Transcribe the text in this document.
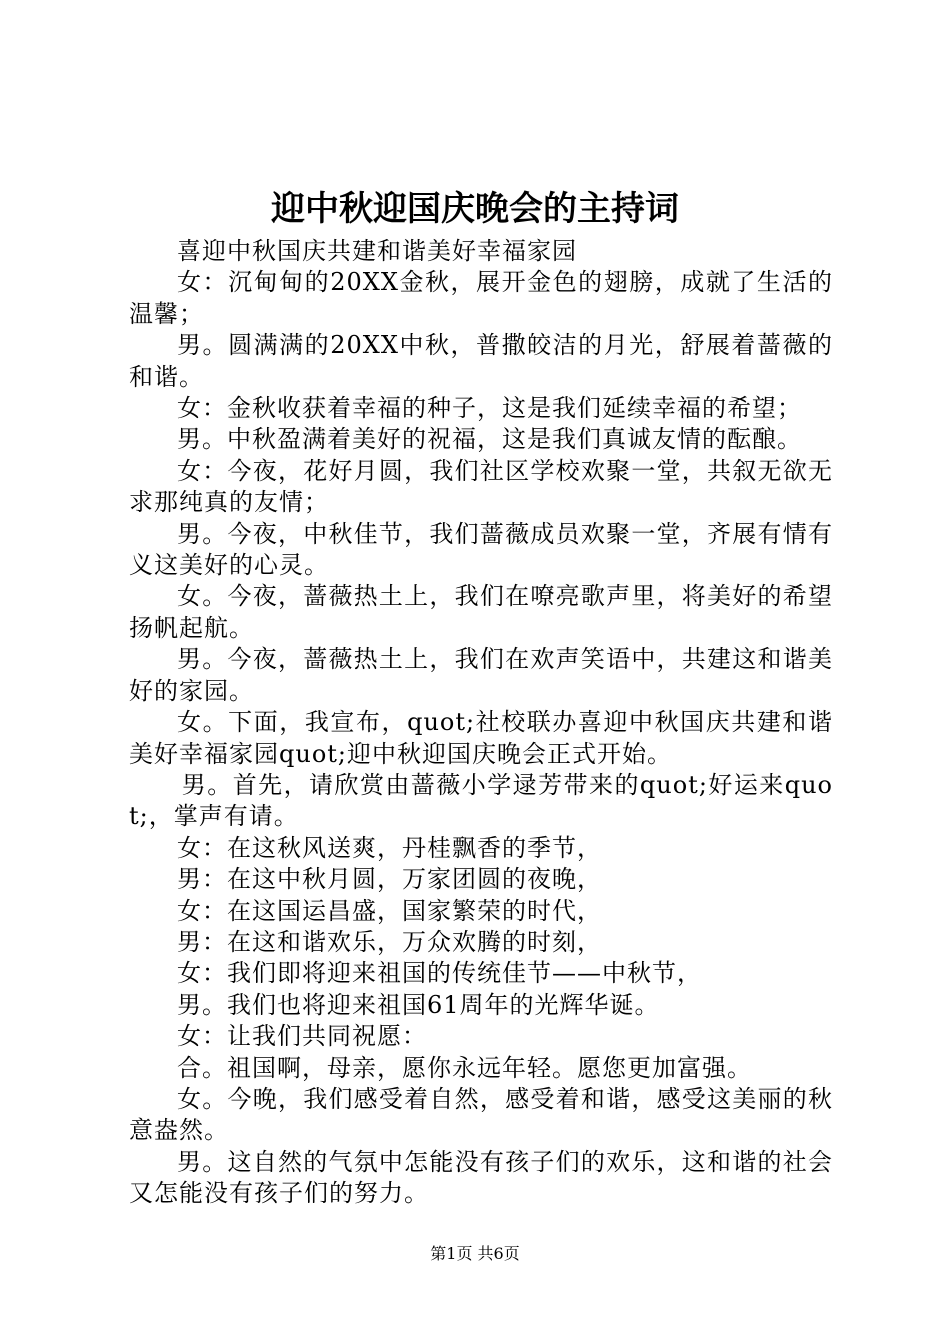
迎中秋迎国庆晚会的主持词

喜迎中秋国庆共建和谐美好幸福家园

女：沉甸甸的20XX金秋，展开金色的翅膀，成就了生活的温馨；

男。圆满满的20XX中秋，普撒皎洁的月光，舒展着蔷薇的和谐。

女：金秋收获着幸福的种子，这是我们延续幸福的希望；

男。中秋盈满着美好的祝福，这是我们真诚友情的酝酿。

女：今夜，花好月圆，我们社区学校欢聚一堂，共叙无欲无求那纯真的友情；

男。今夜，中秋佳节，我们蔷薇成员欢聚一堂，齐展有情有义这美好的心灵。

女。今夜，蔷薇热土上，我们在嘹亮歌声里，将美好的希望扬帆起航。

男。今夜，蔷薇热土上，我们在欢声笑语中，共建这和谐美好的家园。

女。下面，我宣布，quot;社校联办喜迎中秋国庆共建和谐美好幸福家园quot;迎中秋迎国庆晚会正式开始。

男。首先，请欣赏由蔷薇小学逯芳带来的quot;好运来quot;，掌声有请。

女：在这秋风送爽，丹桂飘香的季节，

男：在这中秋月圆，万家团圆的夜晚，

女：在这国运昌盛，国家繁荣的时代，

男：在这和谐欢乐，万众欢腾的时刻，

女：我们即将迎来祖国的传统佳节——中秋节，

男。我们也将迎来祖国61周年的光辉华诞。

女：让我们共同祝愿：

合。祖国啊，母亲，愿你永远年轻。愿您更加富强。

女。今晚，我们感受着自然，感受着和谐，感受这美丽的秋意盎然。

男。这自然的气氛中怎能没有孩子们的欢乐，这和谐的社会又怎能没有孩子们的努力。

第1页 共6页
